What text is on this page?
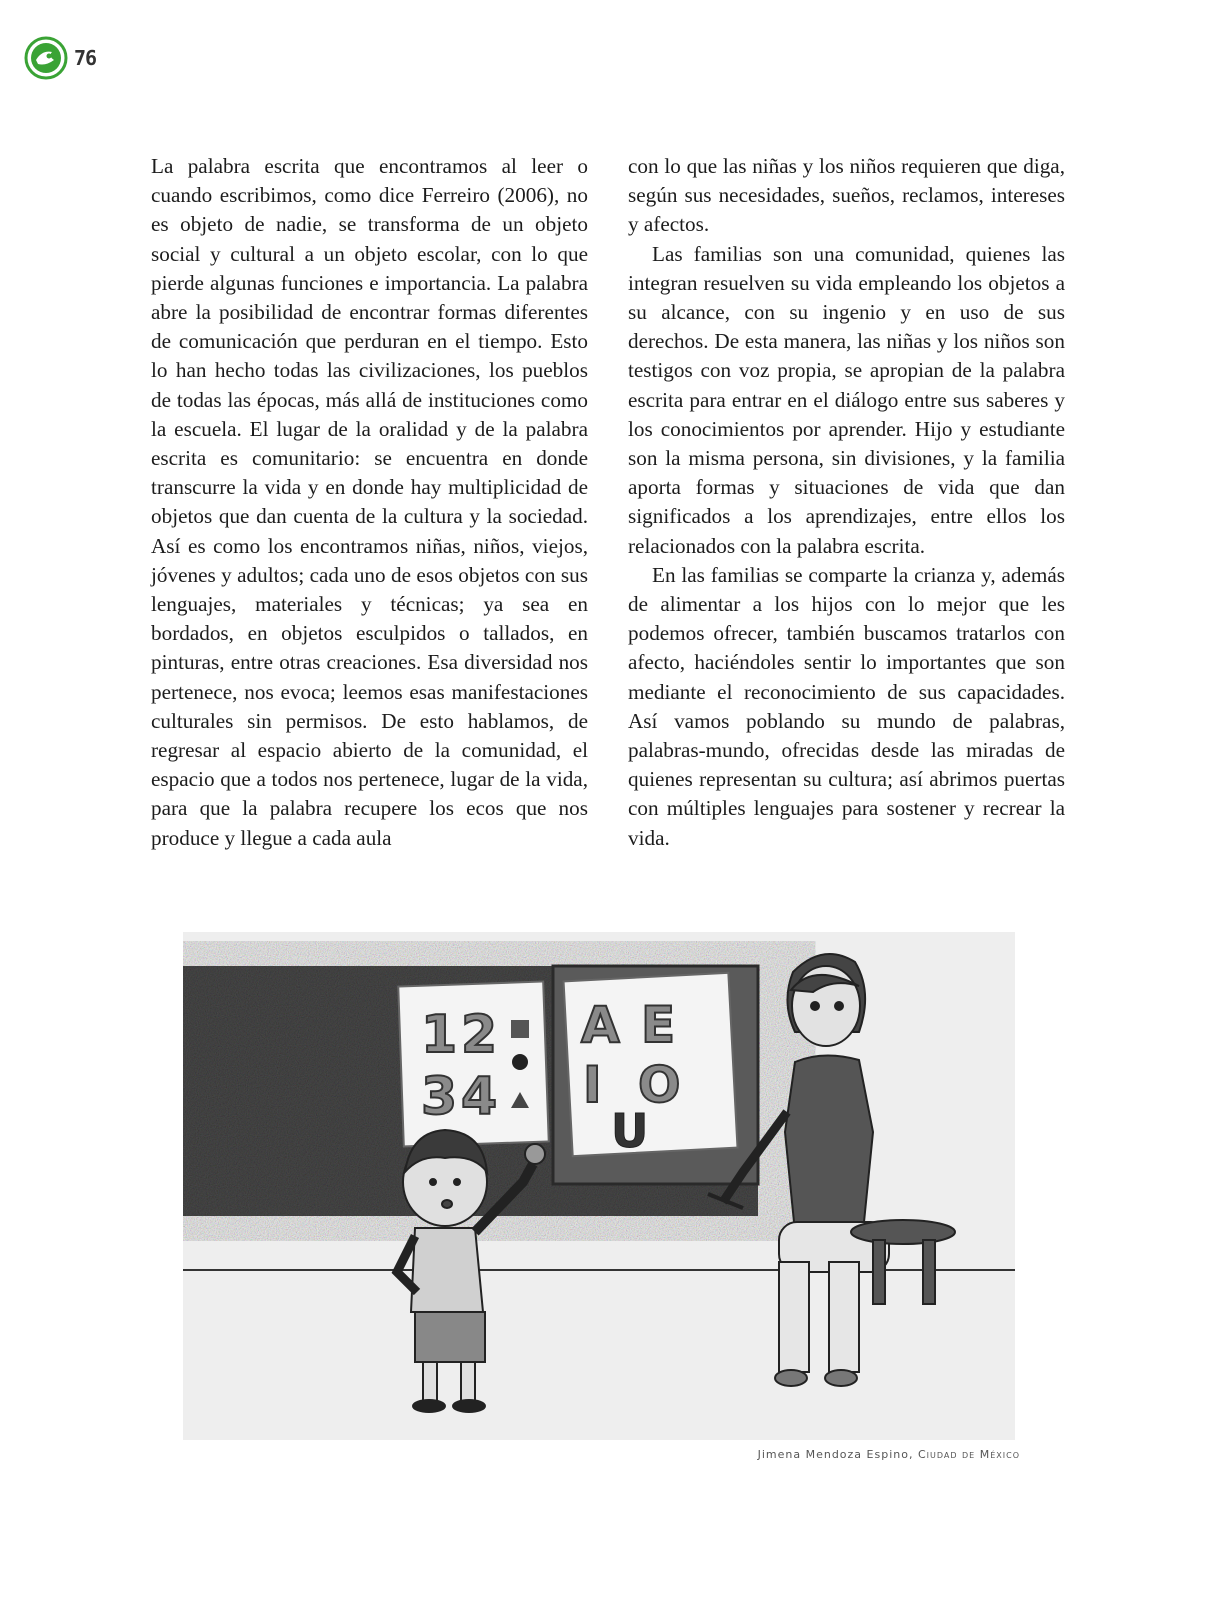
76

La palabra escrita que encontramos al leer o cuando escribimos, como dice Ferreiro (2006), no es objeto de nadie, se transforma de un objeto social y cultural a un objeto escolar, con lo que pierde algunas funciones e importancia. La palabra abre la posibilidad de encontrar formas diferentes de comunicación que perduran en el tiempo. Esto lo han hecho todas las civilizaciones, los pueblos de todas las épocas, más allá de instituciones como la escuela. El lugar de la oralidad y de la palabra escrita es comunitario: se encuentra en donde transcurre la vida y en donde hay multiplicidad de objetos que dan cuenta de la cultura y la sociedad. Así es como los encontramos niñas, niños, viejos, jóvenes y adultos; cada uno de esos objetos con sus lenguajes, materiales y técnicas; ya sea en bordados, en objetos esculpidos o tallados, en pinturas, entre otras creaciones. Esa diversidad nos pertenece, nos evoca; leemos esas manifestaciones culturales sin permisos. De esto hablamos, de regresar al espacio abierto de la comunidad, el espacio que a todos nos pertenece, lugar de la vida, para que la palabra recupere los ecos que nos produce y llegue a cada aula

con lo que las niñas y los niños requieren que diga, según sus necesidades, sueños, reclamos, intereses y afectos.

Las familias son una comunidad, quienes las integran resuelven su vida empleando los objetos a su alcance, con su ingenio y en uso de sus derechos. De esta manera, las niñas y los niños son testigos con voz propia, se apropian de la palabra escrita para entrar en el diálogo entre sus saberes y los conocimientos por aprender. Hijo y estudiante son la misma persona, sin divisiones, y la familia aporta formas y situaciones de vida que dan significados a los aprendizajes, entre ellos los relacionados con la palabra escrita.

En las familias se comparte la crianza y, además de alimentar a los hijos con lo mejor que les podemos ofrecer, también buscamos tratarlos con afecto, haciéndoles sentir lo importantes que son mediante el reconocimiento de sus capacidades. Así vamos poblando su mundo de palabras, palabras-mundo, ofrecidas desde las miradas de quienes representan su cultura; así abrimos puertas con múltiples lenguajes para sostener y recrear la vida.

1 2
3 4
A E
I O
U
Jimena Mendoza Espino, Ciudad de México
